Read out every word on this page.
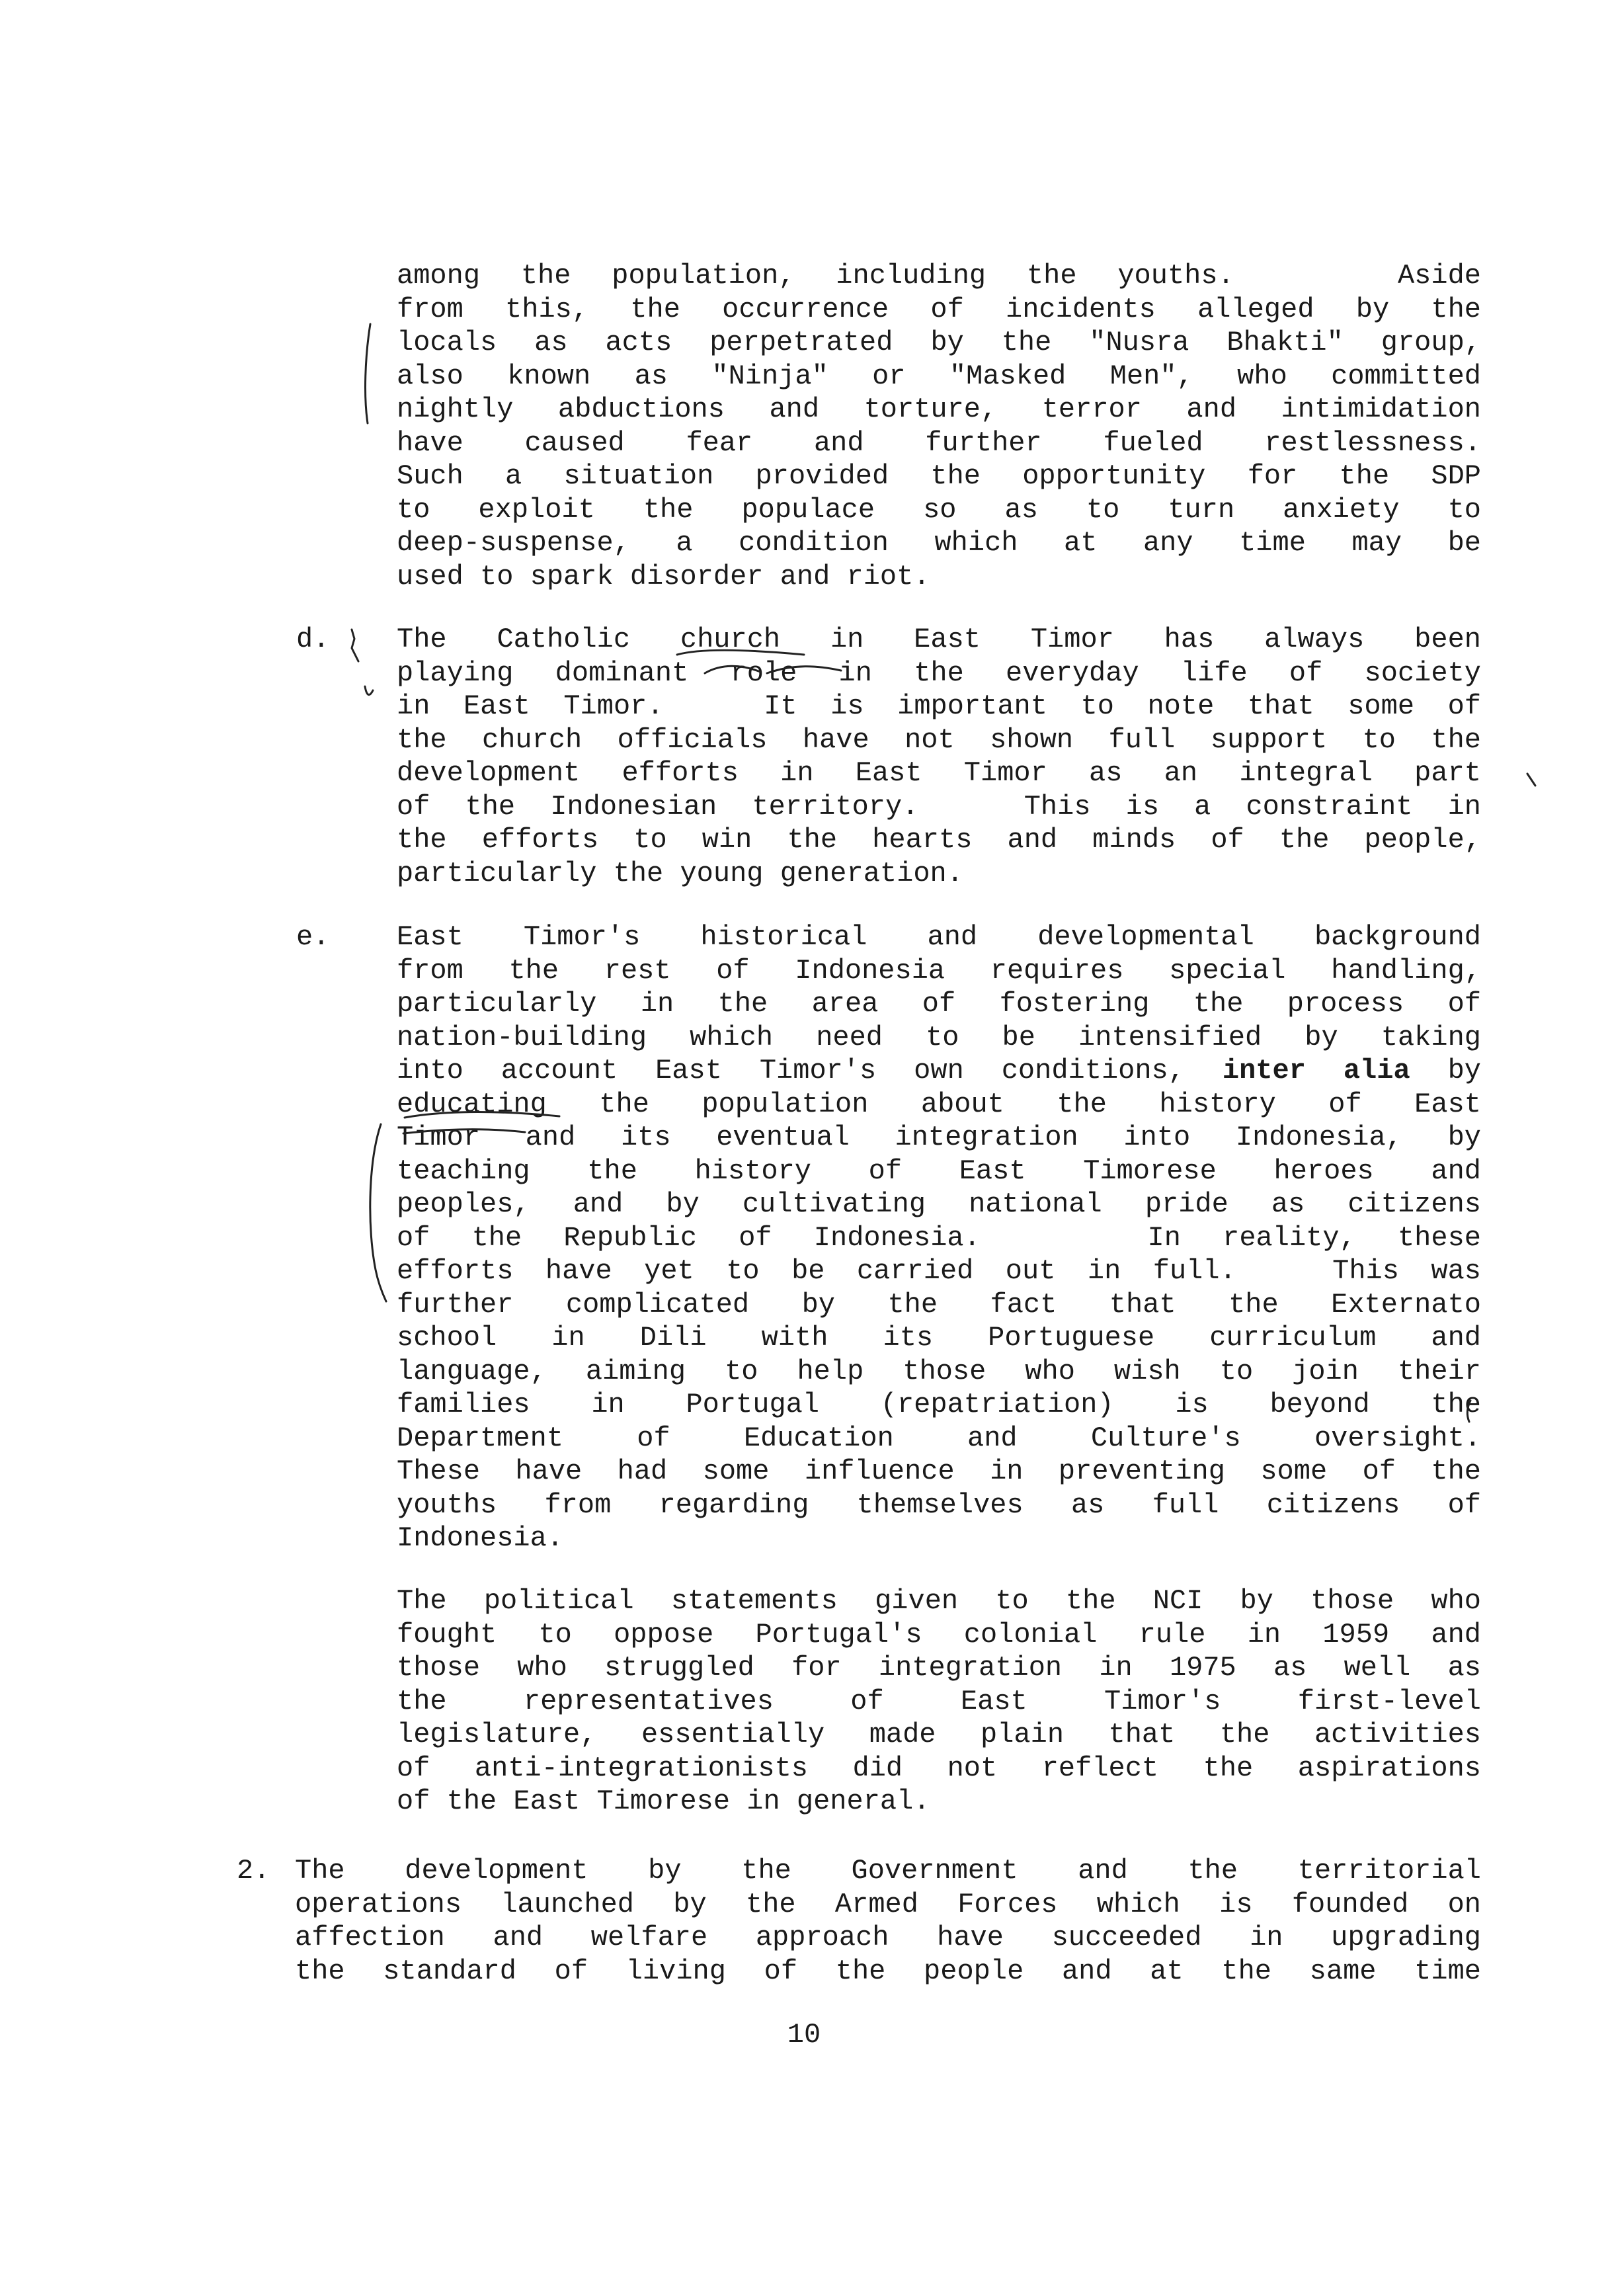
among the population, including the youths.    Aside
from this, the occurrence of incidents alleged by the
locals as acts perpetrated by the "Nusra Bhakti" group,
also known as "Ninja" or "Masked Men", who committed
nightly abductions and torture, terror and intimidation
have caused fear and further fueled restlessness.
Such a situation provided the opportunity for the SDP
to exploit the populace so as to turn anxiety to
deep-suspense, a condition which at any time may be
used to spark disorder and riot.
d. The Catholic church in East Timor has always been
playing dominant role in the everyday life of society
in East Timor.   It is important to note that some of
the church officials have not shown full support to the
development efforts in East Timor as an integral part
of the Indonesian territory.   This is a constraint in
the efforts to win the hearts and minds of the people,
particularly the young generation.
e. East Timor's historical and developmental background
from the rest of Indonesia requires special handling,
particularly in the area of fostering the process of
nation-building which need to be intensified by taking
into account East Timor's own conditions, inter alia by
educating the population about the history of East
Timor and its eventual integration into Indonesia, by
teaching the history of East Timorese heroes and
peoples, and by cultivating national pride as citizens
of the Republic of Indonesia.    In reality, these
efforts have yet to be carried out in full.   This was
further complicated by the fact that the Externato
school in Dili with its Portuguese curriculum and
language, aiming to help those who wish to join their
families in Portugal (repatriation) is beyond the
Department of Education and Culture's oversight.
These have had some influence in preventing some of the
youths from regarding themselves as full citizens of
Indonesia.
The political statements given to the NCI by those who
fought to oppose Portugal's colonial rule in 1959 and
those who struggled for integration in 1975 as well as
the representatives of East Timor's first-level
legislature, essentially made plain that the activities
of anti-integrationists did not reflect the aspirations
of the East Timorese in general.
2. The development by the Government and the territorial
operations launched by the Armed Forces which is founded on
affection and welfare approach have succeeded in upgrading
the standard of living of the people and at the same time
10
